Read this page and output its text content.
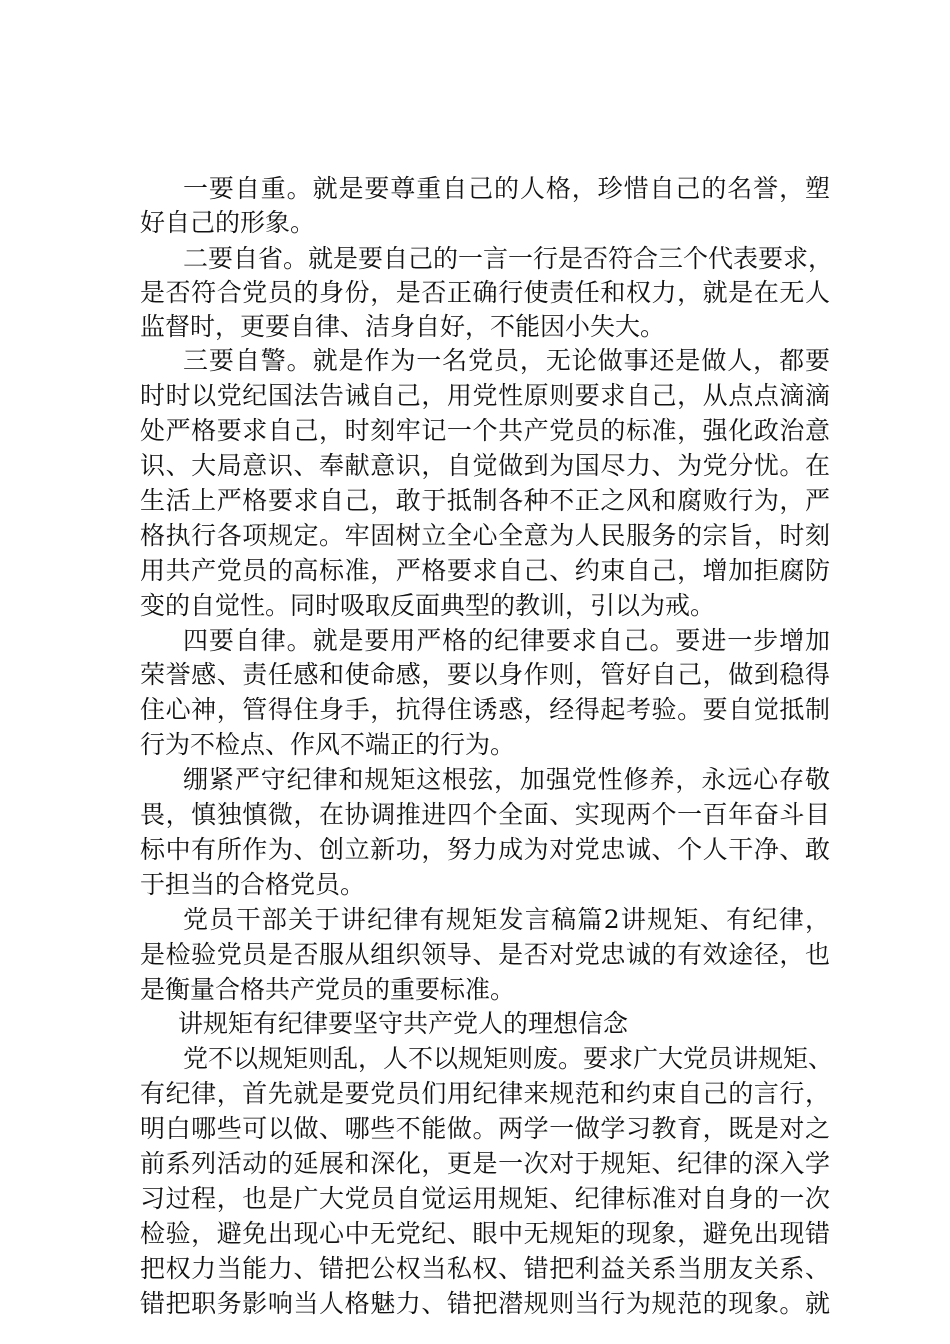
一要自重。就是要尊重自己的人格，珍惜自己的名誉，塑
好自己的形象。
二要自省。就是要自己的一言一行是否符合三个代表要求，
是否符合党员的身份，是否正确行使责任和权力，就是在无人
监督时，更要自律、洁身自好，不能因小失大。
三要自警。就是作为一名党员，无论做事还是做人，都要
时时以党纪国法告诫自己，用党性原则要求自己，从点点滴滴
处严格要求自己，时刻牢记一个共产党员的标准，强化政治意
识、大局意识、奉献意识，自觉做到为国尽力、为党分忧。在
生活上严格要求自己，敢于抵制各种不正之风和腐败行为，严
格执行各项规定。牢固树立全心全意为人民服务的宗旨，时刻
用共产党员的高标准，严格要求自己、约束自己，增加拒腐防
变的自觉性。同时吸取反面典型的教训，引以为戒。
四要自律。就是要用严格的纪律要求自己。要进一步增加
荣誉感、责任感和使命感，要以身作则，管好自己，做到稳得
住心神，管得住身手，抗得住诱惑，经得起考验。要自觉抵制
行为不检点、作风不端正的行为。
绷紧严守纪律和规矩这根弦，加强党性修养，永远心存敬
畏，慎独慎微，在协调推进四个全面、实现两个一百年奋斗目
标中有所作为、创立新功，努力成为对党忠诚、个人干净、敢
于担当的合格党员。
党员干部关于讲纪律有规矩发言稿篇2讲规矩、有纪律，
是检验党员是否服从组织领导、是否对党忠诚的有效途径，也
是衡量合格共产党员的重要标准。
讲规矩有纪律要坚守共产党人的理想信念
党不以规矩则乱，人不以规矩则废。要求广大党员讲规矩、
有纪律，首先就是要党员们用纪律来规范和约束自己的言行，
明白哪些可以做、哪些不能做。两学一做学习教育，既是对之
前系列活动的延展和深化，更是一次对于规矩、纪律的深入学
习过程，也是广大党员自觉运用规矩、纪律标准对自身的一次
检验，避免出现心中无党纪、眼中无规矩的现象，避免出现错
把权力当能力、错把公权当私权、错把利益关系当朋友关系、
错把职务影响当人格魅力、错把潜规则当行为规范的现象。就
